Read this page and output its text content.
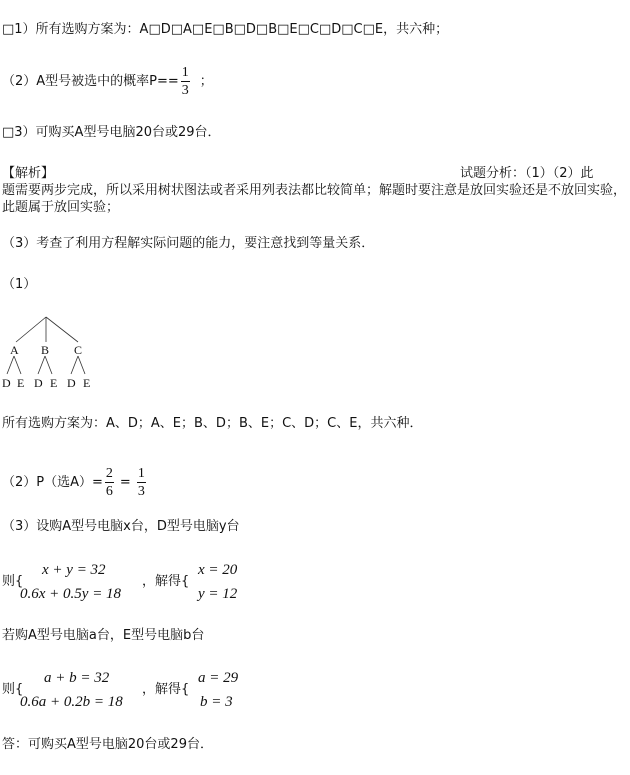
□1）所有选购方案为：A□D□A□E□B□D□B□E□C□D□C□E，共六种；
（2）A型号被选中的概率$P== \frac{1}{3}$ ；
□3）可购买A型号电脑20台或29台．
【解析】	试题分析：（1）（2）此
题需要两步完成，所以采用树状图法或者采用列表法都比较简单；解题时要注意是放回实验还是不放回实验，此题属于放回实验；
（3）考查了利用方程解实际问题的能力，要注意找到等量关系．
（1）
A B C
D E D E D E
所有选购方案为：A、D；A、E；B、D；B、E；C、D；C、E，共六种．
（2）P（选$A)= \frac{2}{6} = \frac{1}{3}$
（3）设购A型号电脑x台，D型号电脑y台
则{
x + y = 32
0.6x + 0.5y = 18
，解得{
x = 20
y = 12
若购A型号电脑a台，E型号电脑b台
则{
a + b = 32
0.6a + 0.2b = 18
，解得{
a = 29
b = 3
答：可购买A型号电脑20台或29台．
